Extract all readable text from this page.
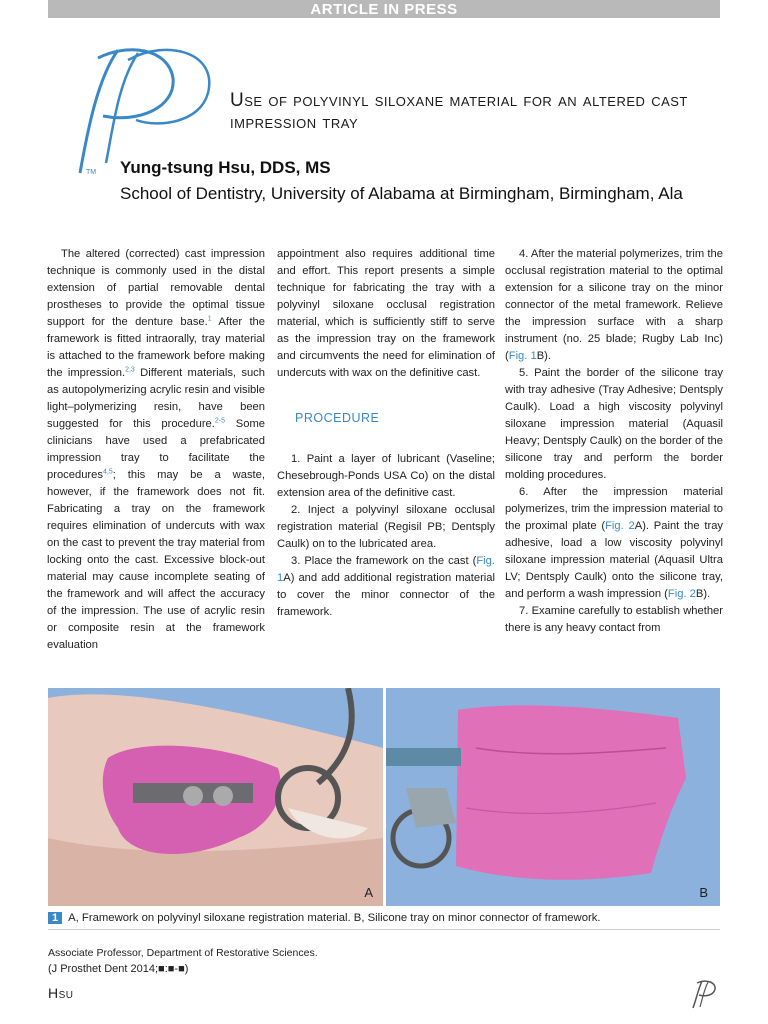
ARTICLE IN PRESS
TM
Use of polyvinyl siloxane material for an altered cast impression tray
Yung-tsung Hsu, DDS, MS
School of Dentistry, University of Alabama at Birmingham, Birmingham, Ala

The altered (corrected) cast impression technique is commonly used in the distal extension of partial removable dental prostheses to provide the optimal tissue support for the denture base.$^1$ After the framework is fitted intraorally, tray material is attached to the framework before making the impression.$^{2,3}$ Different materials, such as autopolymerizing acrylic resin and visible light–polymerizing resin, have been suggested for this procedure.$^{2-5}$ Some clinicians have used a prefabricated impression tray to facilitate the procedures$^{4,5}$; this may be a waste, however, if the framework does not fit. Fabricating a tray on the framework requires elimination of undercuts with wax on the cast to prevent the tray material from locking onto the cast. Excessive block-out material may cause incomplete seating of the framework and will affect the accuracy of the impression. The use of acrylic resin or composite resin at the framework evaluation

appointment also requires additional time and effort. This report presents a simple technique for fabricating the tray with a polyvinyl siloxane occlusal registration material, which is sufficiently stiff to serve as the impression tray on the framework and circumvents the need for elimination of undercuts with wax on the definitive cast.

PROCEDURE

1. Paint a layer of lubricant (Vaseline; Chesebrough-Ponds USA Co) on the distal extension area of the definitive cast.

2. Inject a polyvinyl siloxane occlusal registration material (Regisil PB; Dentsply Caulk) on to the lubricated area.

3. Place the framework on the cast (Fig. 1A) and add additional registration material to cover the minor connector of the framework.

4. After the material polymerizes, trim the occlusal registration material to the optimal extension for a silicone tray on the minor connector of the metal framework. Relieve the impression surface with a sharp instrument (no. 25 blade; Rugby Lab Inc) (Fig. 1B).

5. Paint the border of the silicone tray with tray adhesive (Tray Adhesive; Dentsply Caulk). Load a high viscosity polyvinyl siloxane impression material (Aquasil Heavy; Dentsply Caulk) on the border of the silicone tray and perform the border molding procedures.

6. After the impression material polymerizes, trim the impression material to the proximal plate (Fig. 2A). Paint the tray adhesive, load a low viscosity polyvinyl siloxane impression material (Aquasil Ultra LV; Dentsply Caulk) onto the silicone tray, and perform a wash impression (Fig. 2B).

7. Examine carefully to establish whether there is any heavy contact from

A	B
1 A, Framework on polyvinyl siloxane registration material. B, Silicone tray on minor connector of framework.
Associate Professor, Department of Restorative Sciences.
(J Prosthet Dent 2014;■:■-■)
Hsu
